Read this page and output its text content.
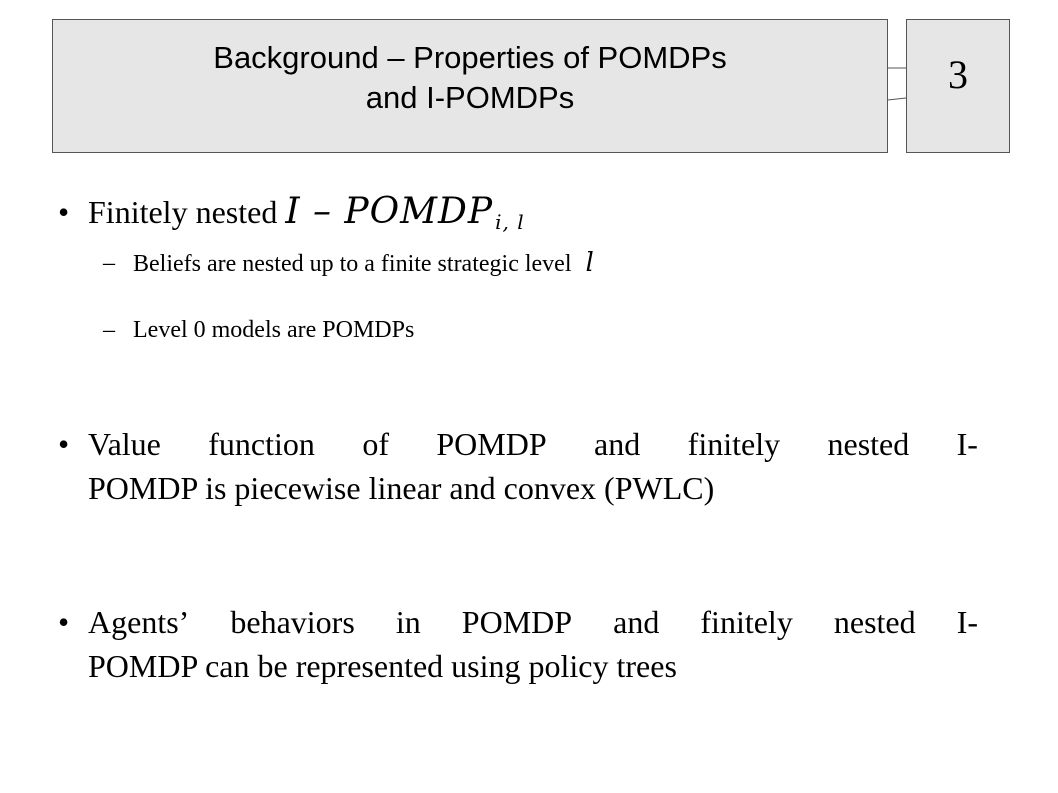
Background – Properties of POMDPs
and I-POMDPs
3
• Finitely nested I – POMDP i, l
– Beliefs are nested up to a finite strategic level l
– Level 0 models are POMDPs
• Value function of POMDP and finitely nested I-
POMDP is piecewise linear and convex (PWLC)
• Agents’ behaviors in POMDP and finitely nested I-
POMDP can be represented using policy trees
